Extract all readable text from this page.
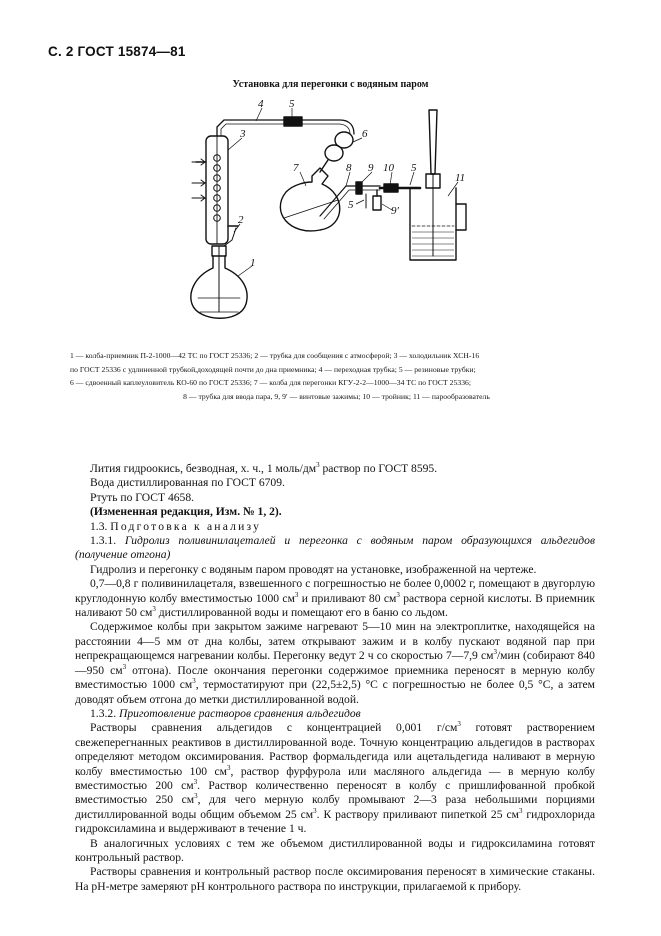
С. 2 ГОСТ 15874—81
Установка для перегонки с водяным паром
4 5
3	6
7	8 9 10 5
11
2
5	9′
1
1 — колба-приемник П-2-1000—42 ТС по ГОСТ 25336; 2 — трубка для сообщения с атмосферой; 3 — холодильник ХСН-16
по ГОСТ 25336 с удлиненной трубкой,доходящей почти до дна приемника; 4 — переходная трубка; 5 — резиновые трубки;
6 — сдвоенный каплеуловитель КО-60 по ГОСТ 25336; 7 — колба для перегонки КГУ-2-2—1000—34 ТС по ГОСТ 25336;
8 — трубка для ввода пара, 9, 9′ — винтовые зажимы; 10 — тройник; 11 — парообразователь

Лития гидроокись, безводная, х. ч., 1 моль/$дм^3$ раствор по ГОСТ 8595.

Вода дистиллированная по ГОСТ 6709.

Ртуть по ГОСТ 4658.

(Измененная редакция, Изм. № 1, 2).

1.3. Подготовка к анализу

1.3.1. Гидролиз поливинилацеталей и перегонка с водяным паром образующихся альдегидов (получение отгона)

Гидролиз и перегонку с водяным паром проводят на установке, изображенной на чертеже.

0,7—0,8 г поливинилацеталя, взвешенного с погрешностью не более 0,0002 г, помещают в двугорлую круглодонную колбу вместимостью 1000 $см^3$ и приливают 80 $см^3$ раствора серной кислоты. В приемник наливают 50 $см^3$ дистиллированной воды и помещают его в баню со льдом.

Содержимое колбы при закрытом зажиме нагревают 5—10 мин на электроплитке, находящейся на расстоянии 4—5 мм от дна колбы, затем открывают зажим и в колбу пускают водяной пар при непрекращающемся нагревании колбы. Перегонку ведут 2 ч со скоростью 7—7,9 $см^3$/мин (собирают 840—950 $см^3$ отгона). После окончания перегонки содержимое приемника переносят в мерную колбу вместимостью 1000 $см^3$, термостатируют при (22,5±2,5) °С с погрешностью не более 0,5 °С, а затем доводят объем отгона до метки дистиллированной водой.

1.3.2. Приготовление растворов сравнения альдегидов

Растворы сравнения альдегидов с концентрацией 0,001 $г/см^3$ готовят растворением свежеперегнанных реактивов в дистиллированной воде. Точную концентрацию альдегидов в растворах определяют методом оксимирования. Раствор формальдегида или ацетальдегида наливают в мерную колбу вместимостью 100 $см^3$, раствор фурфурола или масляного альдегида — в мерную колбу вместимостью 200 $см^3$. Раствор количественно переносят в колбу с пришлифованной пробкой вместимостью 250 $см^3$, для чего мерную колбу промывают 2—3 раза небольшими порциями дистиллированной воды общим объемом 25 $см^3$. К раствору приливают пипеткой 25 $см^3$ гидрохлорида гидроксиламина и выдерживают в течение 1 ч.

В аналогичных условиях с тем же объемом дистиллированной воды и гидроксиламина готовят контрольный раствор.

Растворы сравнения и контрольный раствор после оксимирования переносят в химические стаканы. На рН-метре замеряют рН контрольного раствора по инструкции, прилагаемой к прибору.
